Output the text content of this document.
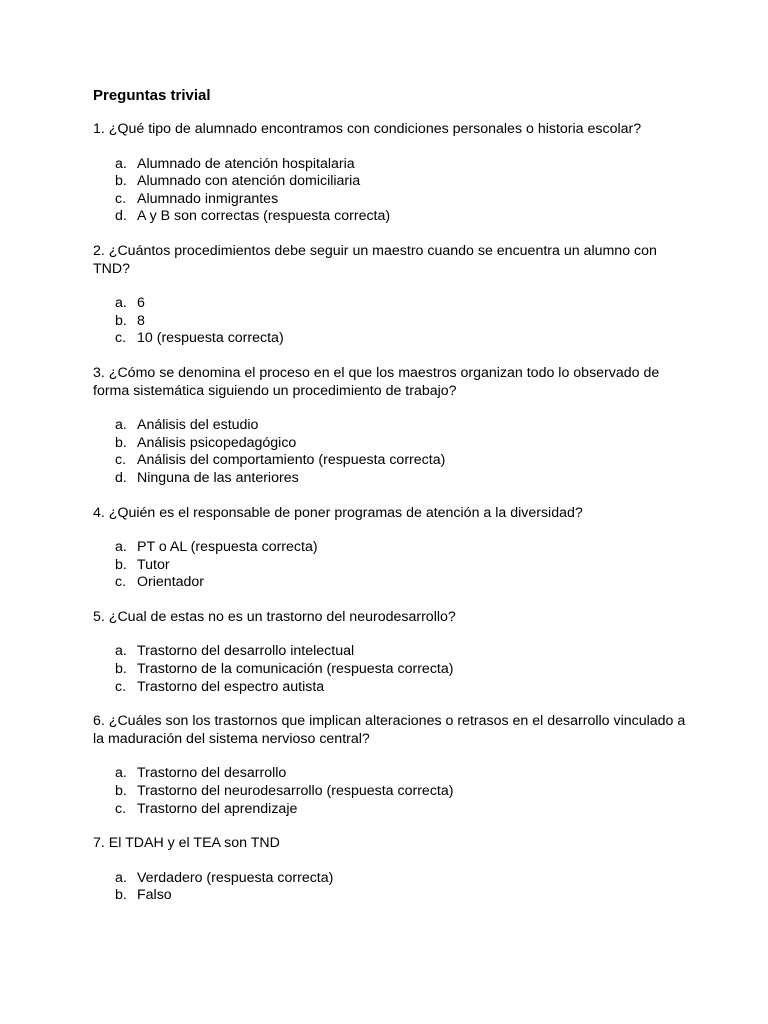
Preguntas trivial
1. ¿Qué tipo de alumnado encontramos con condiciones personales o historia escolar?
a. Alumnado de atención hospitalaria
b. Alumnado con atención domiciliaria
c. Alumnado inmigrantes
d. A y B son correctas (respuesta correcta)
2. ¿Cuántos procedimientos debe seguir un maestro cuando se encuentra un alumno con TND?
a. 6
b. 8
c. 10 (respuesta correcta)
3. ¿Cómo se denomina el proceso en el que los maestros organizan todo lo observado de forma sistemática siguiendo un procedimiento de trabajo?
a. Análisis del estudio
b. Análisis psicopedagógico
c. Análisis del comportamiento (respuesta correcta)
d. Ninguna de las anteriores
4. ¿Quién es el responsable de poner programas de atención a la diversidad?
a. PT o AL (respuesta correcta)
b. Tutor
c. Orientador
5. ¿Cual de estas no es un trastorno del neurodesarrollo?
a. Trastorno del desarrollo intelectual
b. Trastorno de la comunicación (respuesta correcta)
c. Trastorno del espectro autista
6. ¿Cuáles son los trastornos que implican alteraciones o retrasos en el desarrollo vinculado a la maduración del sistema nervioso central?
a. Trastorno del desarrollo
b. Trastorno del neurodesarrollo (respuesta correcta)
c. Trastorno del aprendizaje
7. El TDAH y el TEA son TND
a. Verdadero (respuesta correcta)
b. Falso
